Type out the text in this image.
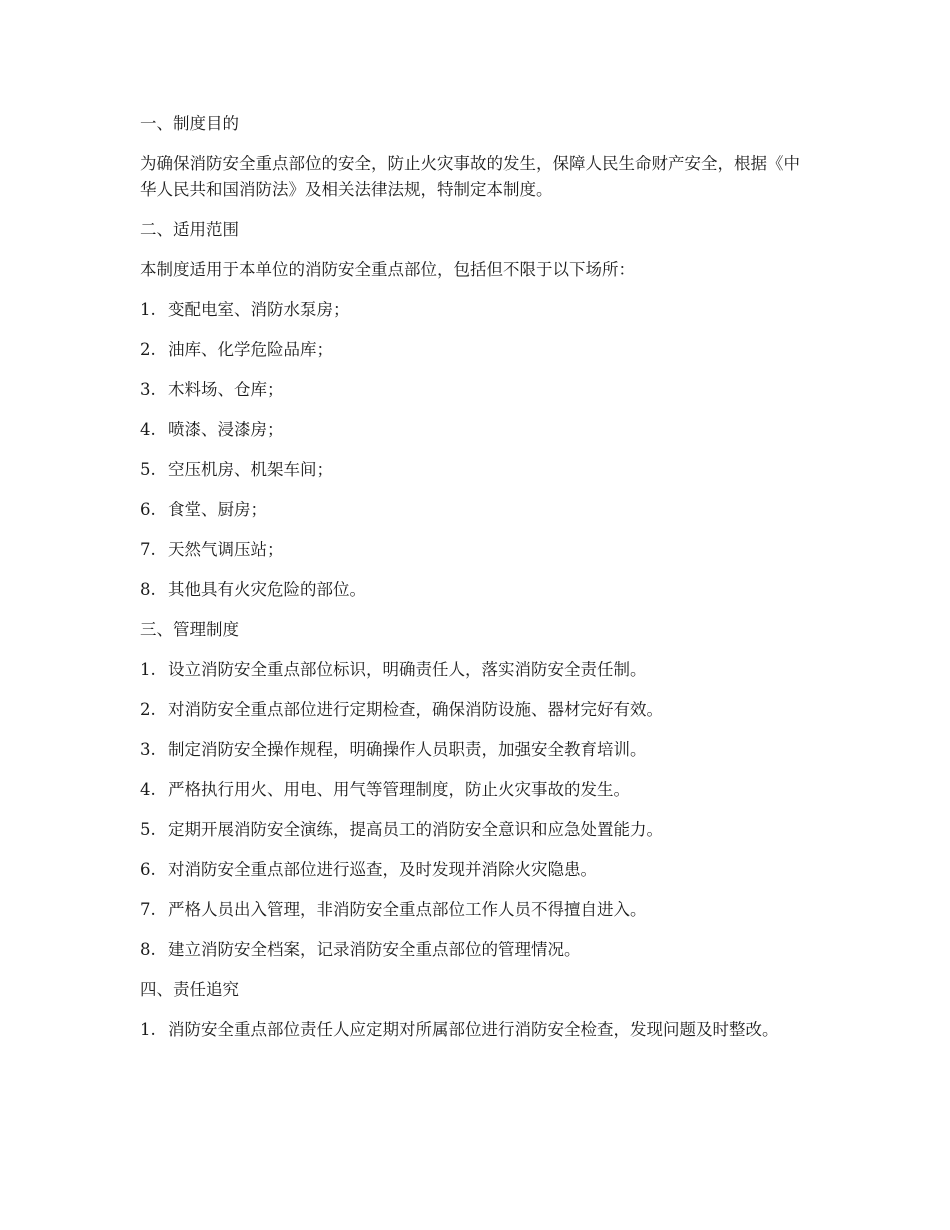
一、制度目的

为确保消防安全重点部位的安全，防止火灾事故的发生，保障人民生命财产安全，根据《中华人民共和国消防法》及相关法律法规，特制定本制度。

二、适用范围

本制度适用于本单位的消防安全重点部位，包括但不限于以下场所：

1. 变配电室、消防水泵房；
2. 油库、化学危险品库；
3. 木料场、仓库；
4. 喷漆、浸漆房；
5. 空压机房、机架车间；
6. 食堂、厨房；
7. 天然气调压站；
8. 其他具有火灾危险的部位。

三、管理制度

1. 设立消防安全重点部位标识，明确责任人，落实消防安全责任制。
2. 对消防安全重点部位进行定期检查，确保消防设施、器材完好有效。
3. 制定消防安全操作规程，明确操作人员职责，加强安全教育培训。
4. 严格执行用火、用电、用气等管理制度，防止火灾事故的发生。
5. 定期开展消防安全演练，提高员工的消防安全意识和应急处置能力。
6. 对消防安全重点部位进行巡查，及时发现并消除火灾隐患。
7. 严格人员出入管理，非消防安全重点部位工作人员不得擅自进入。
8. 建立消防安全档案，记录消防安全重点部位的管理情况。

四、责任追究

1. 消防安全重点部位责任人应定期对所属部位进行消防安全检查，发现问题及时整改。
